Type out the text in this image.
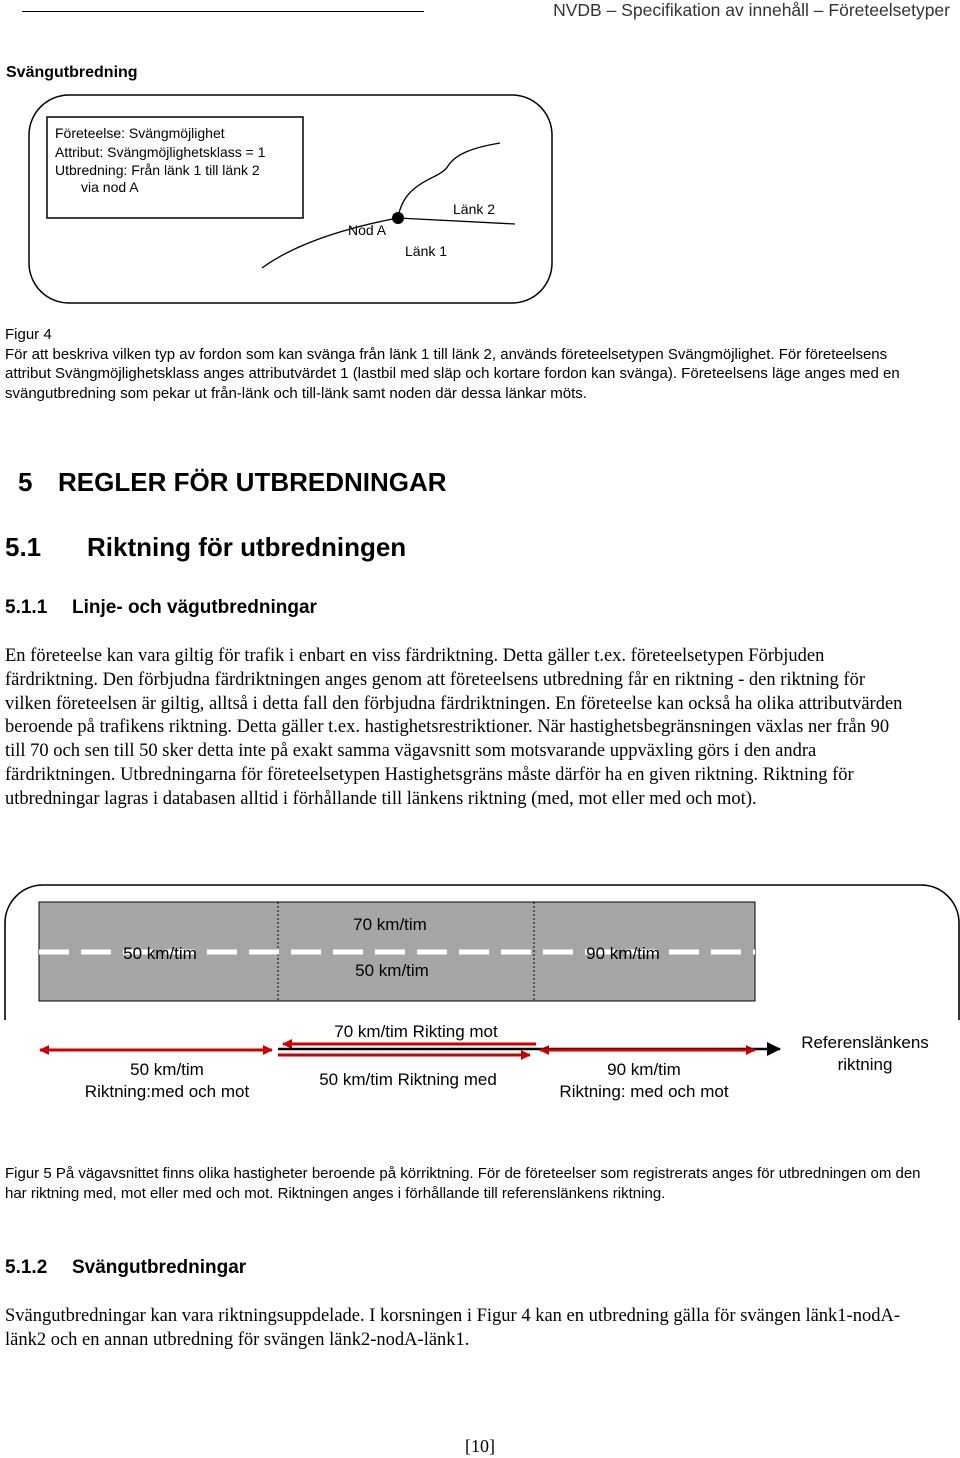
NVDB – Specifikation av innehåll – Företeelsetyper
Svängutbredning
Företeelse: Svängmöjlighet
Attribut: Svängmöjlighetsklass = 1
Utbredning: Från länk 1 till länk 2
via nod A
Nod A
Länk 1
Länk 2
Figur 4
För att beskriva vilken typ av fordon som kan svänga från länk 1 till länk 2, används företeelsetypen Svängmöjlighet. För företeelsens attribut Svängmöjlighetsklass anges attributvärdet 1 (lastbil med släp och kortare fordon kan svänga). Företeelsens läge anges med en svängutbredning som pekar ut från-länk och till-länk samt noden där dessa länkar möts.
5 REGLER FÖR UTBREDNINGAR
5.1 Riktning för utbredningen
5.1.1 Linje- och vägutbredningar
En företeelse kan vara giltig för trafik i enbart en viss färdriktning. Detta gäller t.ex. företeelsetypen Förbjuden färdriktning. Den förbjudna färdriktningen anges genom att företeelsens utbredning får en riktning - den riktning för vilken företeelsen är giltig, alltså i detta fall den förbjudna färdriktningen. En företeelse kan också ha olika attributvärden beroende på trafikens riktning. Detta gäller t.ex. hastighetsrestriktioner. När hastighetsbegränsningen växlas ner från 90 till 70 och sen till 50 sker detta inte på exakt samma vägavsnitt som motsvarande uppväxling görs i den andra färdriktningen. Utbredningarna för företeelsetypen Hastighetsgräns måste därför ha en given riktning. Riktning för utbredningar lagras i databasen alltid i förhållande till länkens riktning (med, mot eller med och mot).
50 km/tim
70 km/tim
50 km/tim
90 km/tim
70 km/tim Rikting mot
50 km/tim Riktning med
50 km/tim
Riktning:med och mot
90 km/tim
Riktning: med och mot
Referenslänkens
riktning
Figur 5 På vägavsnittet finns olika hastigheter beroende på körriktning. För de företeelser som registrerats anges för utbredningen om den har riktning med, mot eller med och mot. Riktningen anges i förhållande till referenslänkens riktning.
5.1.2 Svängutbredningar
Svängutbredningar kan vara riktningsuppdelade. I korsningen i Figur 4 kan en utbredning gälla för svängen länk1-nodA-länk2 och en annan utbredning för svängen länk2-nodA-länk1.
[10]
